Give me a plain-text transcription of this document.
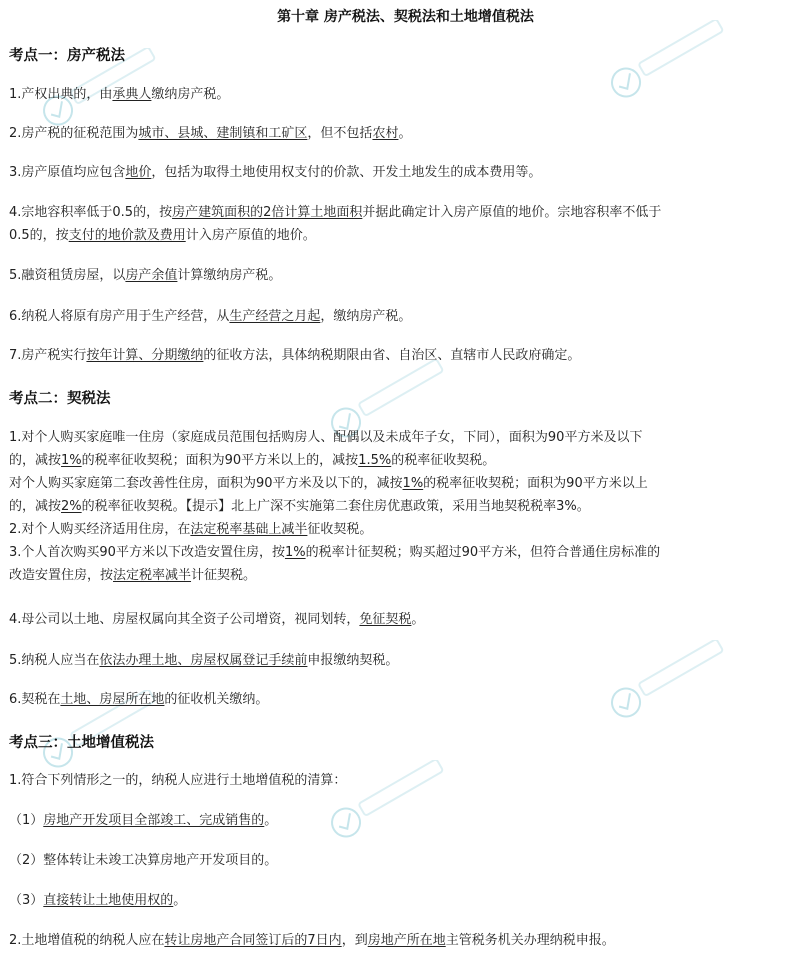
第十章 房产税法、契税法和土地增值税法
考点一：房产税法
1.产权出典的，由承典人缴纳房产税。
2.房产税的征税范围为城市、县城、建制镇和工矿区，但不包括农村。
3.房产原值均应包含地价，包括为取得土地使用权支付的价款、开发土地发生的成本费用等。
4.宗地容积率低于0.5的，按房产建筑面积的2倍计算土地面积并据此确定计入房产原值的地价。宗地容积率不低于
0.5的，按支付的地价款及费用计入房产原值的地价。
5.融资租赁房屋，以房产余值计算缴纳房产税。
6.纳税人将原有房产用于生产经营，从生产经营之月起，缴纳房产税。
7.房产税实行按年计算、分期缴纳的征收方法，具体纳税期限由省、自治区、直辖市人民政府确定。
考点二：契税法
1.对个人购买家庭唯一住房（家庭成员范围包括购房人、配偶以及未成年子女，下同），面积为90平方米及以下
的，减按1%的税率征收契税；面积为90平方米以上的，减按1.5%的税率征收契税。
对个人购买家庭第二套改善性住房，面积为90平方米及以下的，减按1%的税率征收契税；面积为90平方米以上
的，减按2%的税率征收契税。【提示】北上广深不实施第二套住房优惠政策，采用当地契税税率3%。
2.对个人购买经济适用住房，在法定税率基础上减半征收契税。
3.个人首次购买90平方米以下改造安置住房，按1%的税率计征契税；购买超过90平方米，但符合普通住房标准的
改造安置住房，按法定税率减半计征契税。
4.母公司以土地、房屋权属向其全资子公司增资，视同划转，免征契税。
5.纳税人应当在依法办理土地、房屋权属登记手续前申报缴纳契税。
6.契税在土地、房屋所在地的征收机关缴纳。
考点三：土地增值税法
1.符合下列情形之一的，纳税人应进行土地增值税的清算：
（1）房地产开发项目全部竣工、完成销售的。
（2）整体转让未竣工决算房地产开发项目的。
（3）直接转让土地使用权的。
2.土地增值税的纳税人应在转让房地产合同签订后的7日内，到房地产所在地主管税务机关办理纳税申报。
